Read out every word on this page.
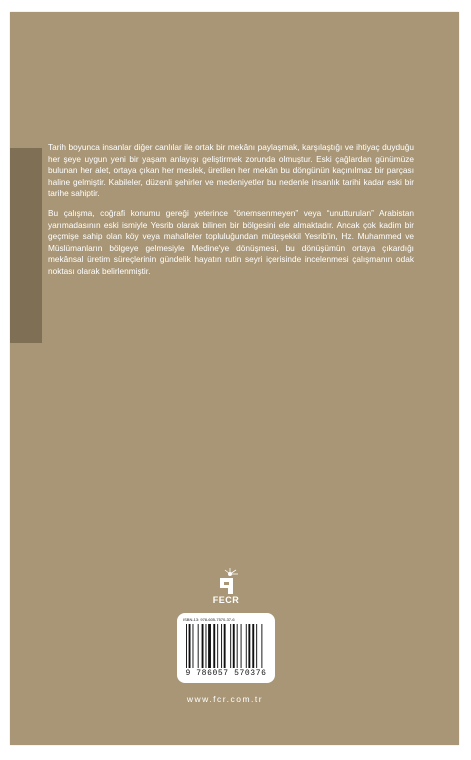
Tarih boyunca insanlar diğer canlılar ile ortak bir mekânı paylaşmak, karşılaştığı ve ihtiyaç duyduğu her şeye uygun yeni bir yaşam anlayışı geliştirmek zorunda olmuştur. Eski çağlardan günümüze bulunan her alet, ortaya çıkan her meslek, üretilen her mekân bu döngünün kaçınılmaz bir parçası haline gelmiştir. Kabileler, düzenli şehirler ve medeniyetler bu nedenle insanlık tarihi kadar eski bir tarihe sahiptir.

Bu çalışma, coğrafi konumu gereği yeterince “önemsenmeyen” veya “unutturulan” Arabistan yarımadasının eski ismiyle Yesrib olarak bilinen bir bölgesini ele almaktadır. Ancak çok kadim bir geçmişe sahip olan köy veya mahalleler topluluğundan müteşekkil Yesrib'in, Hz. Muhammed ve Müslümanların bölgeye gelmesiyle Medine'ye dönüşmesi, bu dönüşümün ortaya çıkardığı mekânsal üretim süreçlerinin gündelik hayatın rutin seyri içerisinde incelenmesi çalışmanın odak noktası olarak belirlenmiştir.

FECR
ISBN-13: 978-605-7570-37-6
9 786057 570376
www.fcr.com.tr
